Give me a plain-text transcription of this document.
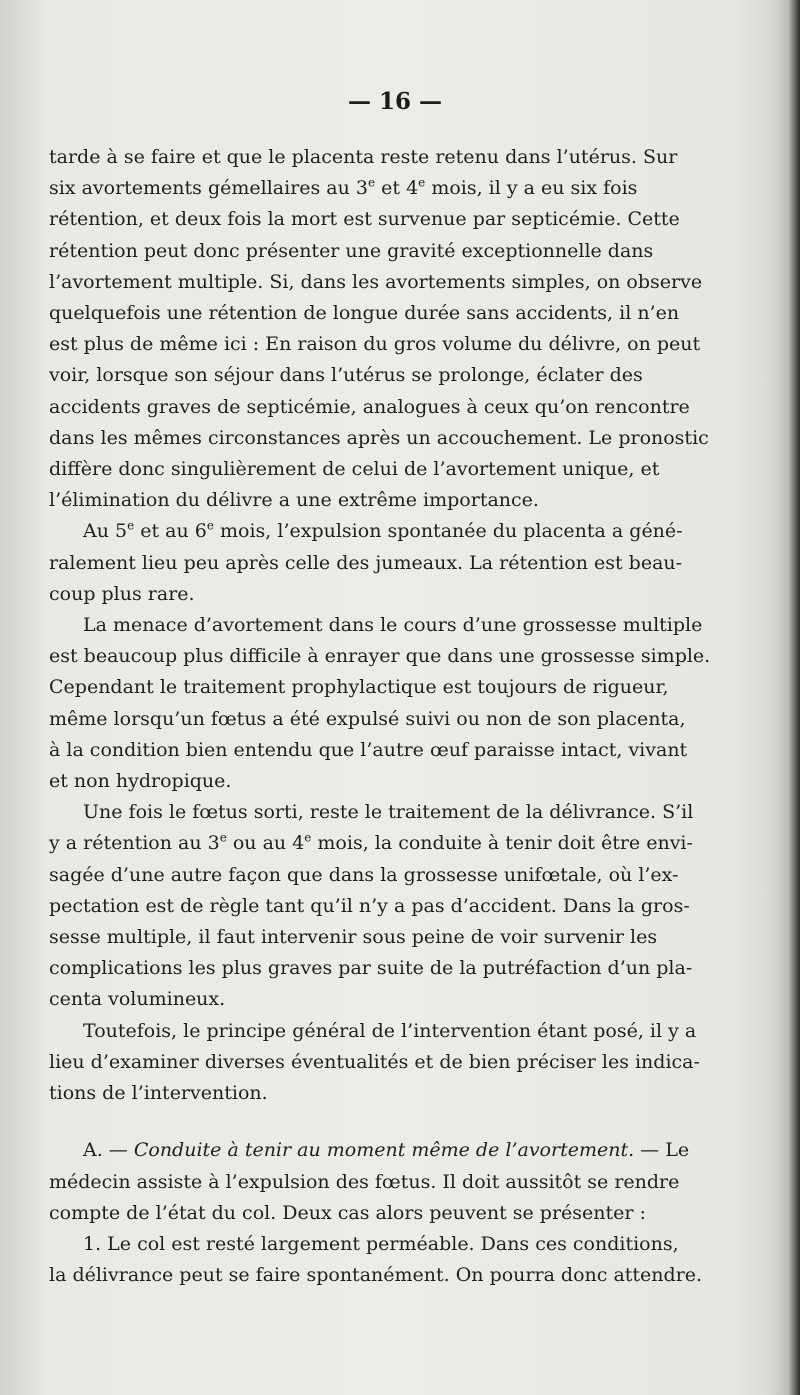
— 16 —

tarde à se faire et que le placenta reste retenu dans l’utérus. Sur
six avortements gémellaires au 3e et 4e mois, il y a eu six fois
rétention, et deux fois la mort est survenue par septicémie. Cette
rétention peut donc présenter une gravité exceptionnelle dans
l’avortement multiple. Si, dans les avortements simples, on observe
quelquefois une rétention de longue durée sans accidents, il n’en
est plus de même ici : En raison du gros volume du délivre, on peut
voir, lorsque son séjour dans l’utérus se prolonge, éclater des
accidents graves de septicémie, analogues à ceux qu’on rencontre
dans les mêmes circonstances après un accouchement. Le pronostic
diffère donc singulièrement de celui de l’avortement unique, et
l’élimination du délivre a une extrême importance.

Au 5e et au 6e mois, l’expulsion spontanée du placenta a géné-
ralement lieu peu après celle des jumeaux. La rétention est beau-
coup plus rare.

La menace d’avortement dans le cours d’une grossesse multiple
est beaucoup plus difficile à enrayer que dans une grossesse simple.
Cependant le traitement prophylactique est toujours de rigueur,
même lorsqu’un fœtus a été expulsé suivi ou non de son placenta,
à la condition bien entendu que l’autre œuf paraisse intact, vivant
et non hydropique.

Une fois le fœtus sorti, reste le traitement de la délivrance. S’il
y a rétention au 3e ou au 4e mois, la conduite à tenir doit être envi-
sagée d’une autre façon que dans la grossesse unifœtale, où l’ex-
pectation est de règle tant qu’il n’y a pas d’accident. Dans la gros-
sesse multiple, il faut intervenir sous peine de voir survenir les
complications les plus graves par suite de la putréfaction d’un pla-
centa volumineux.

Toutefois, le principe général de l’intervention étant posé, il y a
lieu d’examiner diverses éventualités et de bien préciser les indica-
tions de l’intervention.

A. — Conduite à tenir au moment même de l’avortement. — Le
médecin assiste à l’expulsion des fœtus. Il doit aussitôt se rendre
compte de l’état du col. Deux cas alors peuvent se présenter :

1. Le col est resté largement perméable. Dans ces conditions,
la délivrance peut se faire spontanément. On pourra donc attendre.
